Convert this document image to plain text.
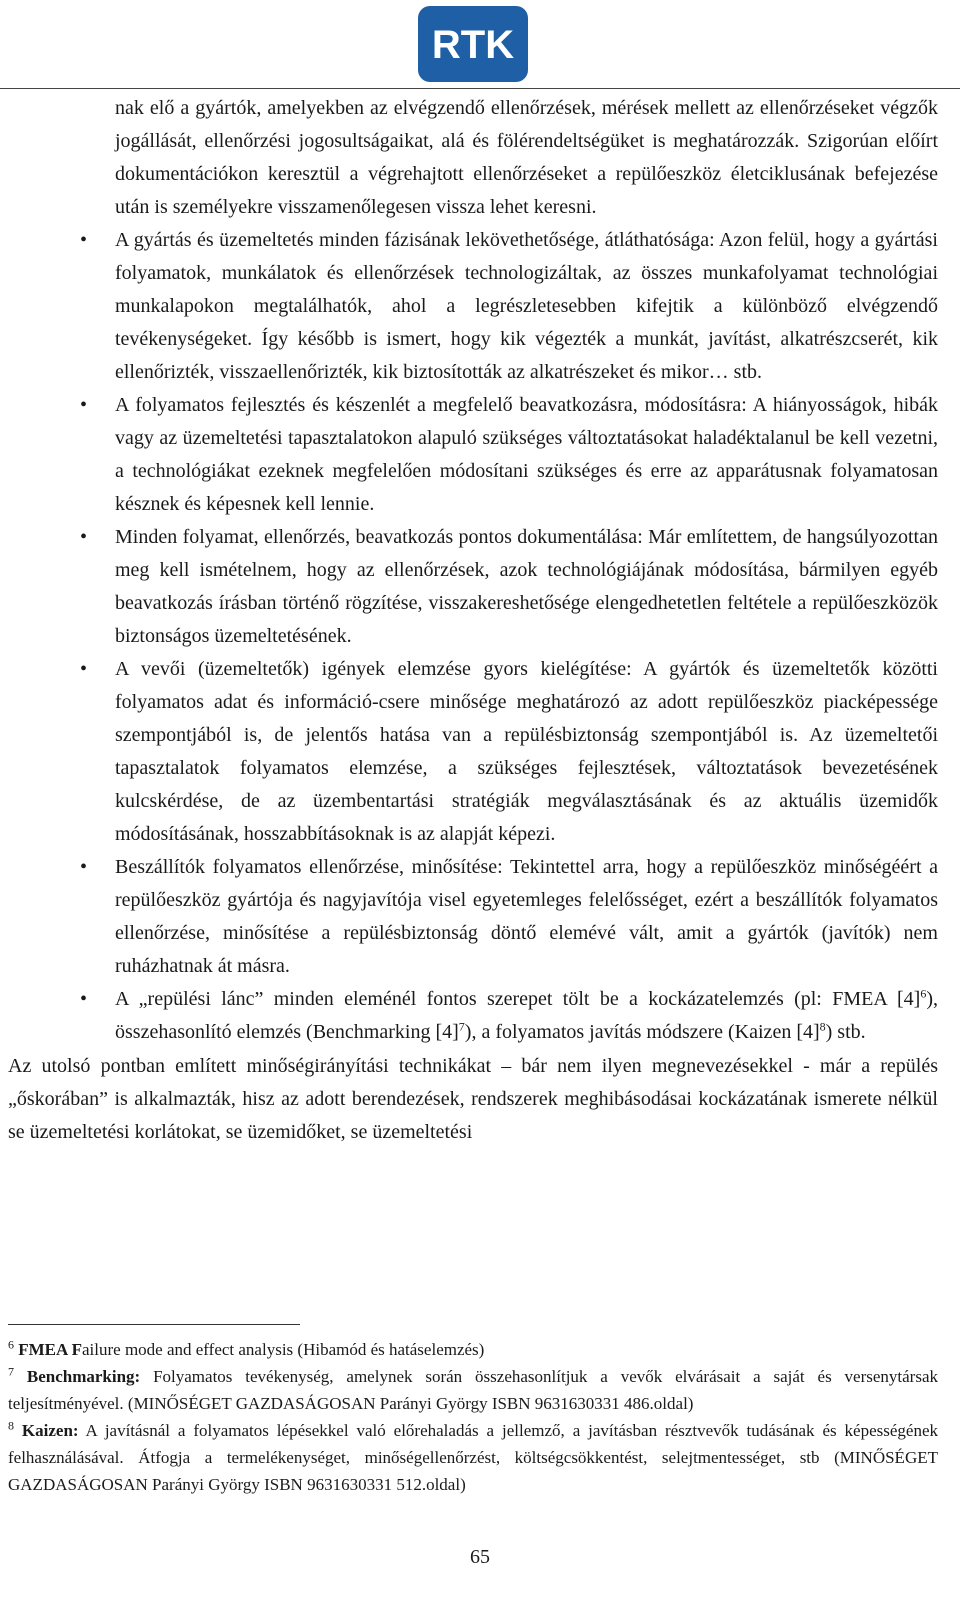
RTK

nak elő a gyártók, amelyekben az elvégzendő ellenőrzések, mérések mellett az ellenőrzéseket végzők jogállását, ellenőrzési jogosultságaikat, alá és fölérendeltségüket is meghatározzák. Szigorúan előírt dokumentációkon keresztül a végrehajtott ellenőrzéseket a repülőeszköz életciklusának befejezése után is személyekre visszamenőlegesen vissza lehet keresni.

• A gyártás és üzemeltetés minden fázisának lekövethetősége, átláthatósága: Azon felül, hogy a gyártási folyamatok, munkálatok és ellenőrzések technologizáltak, az összes munkafolyamat technológiai munkalapokon megtalálhatók, ahol a legrészletesebben kifejtik a különböző elvégzendő tevékenységeket. Így később is ismert, hogy kik végezték a munkát, javítást, alkatrészcserét, kik ellenőrizték, visszaellenőrizték, kik biztosították az alkatrészeket és mikor… stb.
• A folyamatos fejlesztés és készenlét a megfelelő beavatkozásra, módosításra: A hiányosságok, hibák vagy az üzemeltetési tapasztalatokon alapuló szükséges változtatásokat haladéktalanul be kell vezetni, a technológiákat ezeknek megfelelően módosítani szükséges és erre az apparátusnak folyamatosan késznek és képesnek kell lennie.
• Minden folyamat, ellenőrzés, beavatkozás pontos dokumentálása: Már említettem, de hangsúlyozottan meg kell ismételnem, hogy az ellenőrzések, azok technológiájának módosítása, bármilyen egyéb beavatkozás írásban történő rögzítése, visszakereshetősége elengedhetetlen feltétele a repülőeszközök biztonságos üzemeltetésének.
• A vevői (üzemeltetők) igények elemzése gyors kielégítése: A gyártók és üzemeltetők közötti folyamatos adat és információ-csere minősége meghatározó az adott repülőeszköz piacképessége szempontjából is, de jelentős hatása van a repülésbiztonság szempontjából is. Az üzemeltetői tapasztalatok folyamatos elemzése, a szükséges fejlesztések, változtatások bevezetésének kulcskérdése, de az üzembentartási stratégiák megválasztásának és az aktuális üzemidők módosításának, hosszabbításoknak is az alapját képezi.
• Beszállítók folyamatos ellenőrzése, minősítése: Tekintettel arra, hogy a repülőeszköz minőségéért a repülőeszköz gyártója és nagyjavítója visel egyetemleges felelősséget, ezért a beszállítók folyamatos ellenőrzése, minősítése a repülésbiztonság döntő elemévé vált, amit a gyártók (javítók) nem ruházhatnak át másra.
• A „repülési lánc” minden eleménél fontos szerepet tölt be a kockázatelemzés (pl: FMEA $[4]^6$), összehasonlító elemzés (Benchmarking $[4]^7$), a folyamatos javítás módszere (Kaizen $[4]^8$) stb.

Az utolsó pontban említett minőségirányítási technikákat – bár nem ilyen megnevezésekkel - már a repülés „őskorában” is alkalmazták, hisz az adott berendezések, rendszerek meghibásodásai kockázatának ismerete nélkül se üzemeltetési korlátokat, se üzemidőket, se üzemeltetési

$^6$ FMEA Failure mode and effect analysis (Hibamód és hatáselemzés)

$^7$ Benchmarking: Folyamatos tevékenység, amelynek során összehasonlítjuk a vevők elvárásait a saját és versenytársak teljesítményével. (MINŐSÉGET GAZDASÁGOSAN Parányi György ISBN 9631630331 486.oldal)

$^8$ Kaizen: A javításnál a folyamatos lépésekkel való előrehaladás a jellemző, a javításban résztvevők tudásának és képességének felhasználásával. Átfogja a termelékenységet, minőségellenőrzést, költségcsökkentést, selejtmentességet, stb (MINŐSÉGET GAZDASÁGOSAN Parányi György ISBN 9631630331 512.oldal)

65
